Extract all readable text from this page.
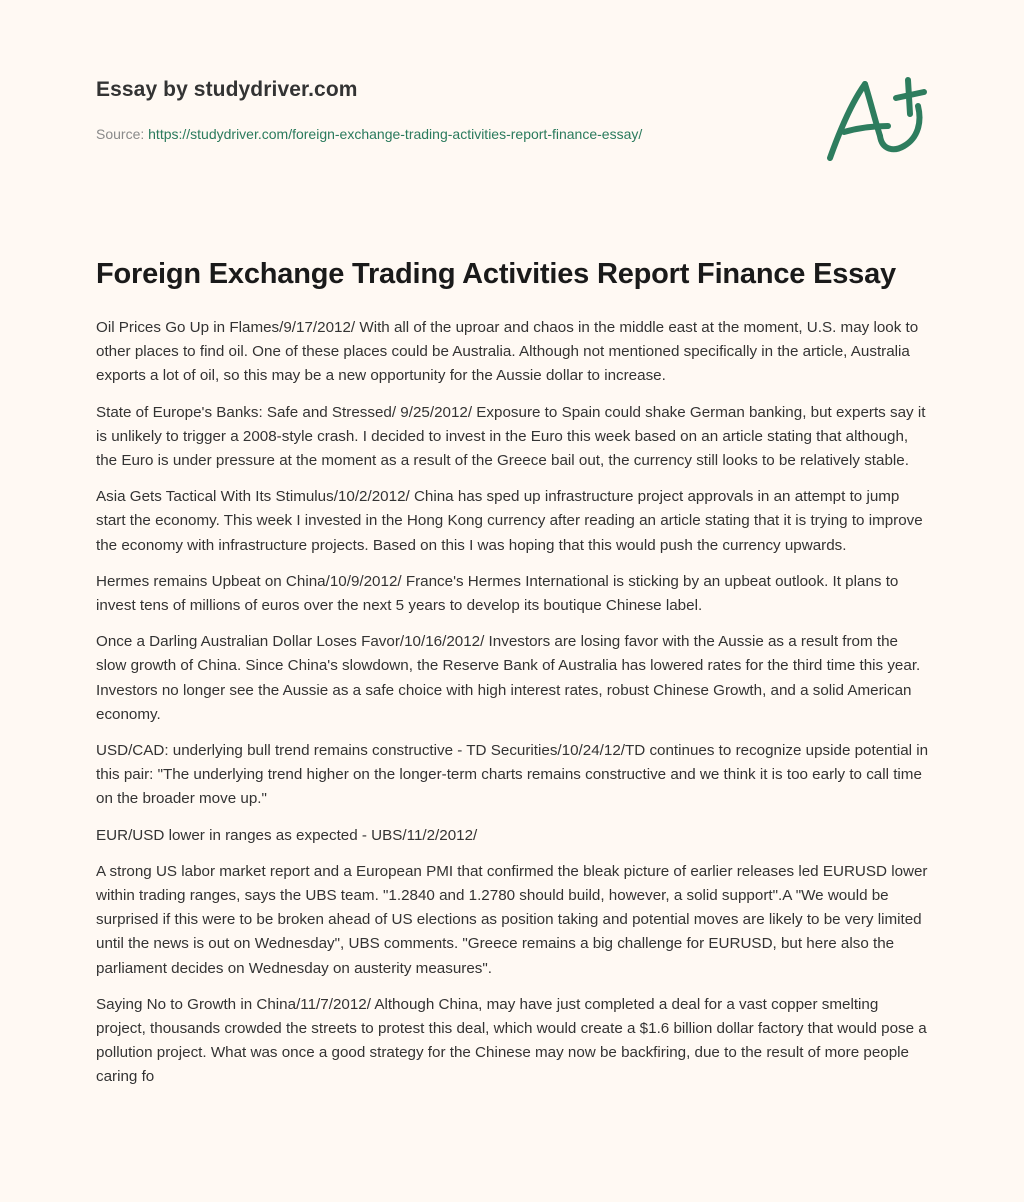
Essay by studydriver.com
Source: https://studydriver.com/foreign-exchange-trading-activities-report-finance-essay/
Foreign Exchange Trading Activities Report Finance Essay

Oil Prices Go Up in Flames/9/17/2012/ With all of the uproar and chaos in the middle east at the moment, U.S. may look to other places to find oil. One of these places could be Australia. Although not mentioned specifically in the article, Australia exports a lot of oil, so this may be a new opportunity for the Aussie dollar to increase.

State of Europe's Banks: Safe and Stressed/ 9/25/2012/ Exposure to Spain could shake German banking, but experts say it is unlikely to trigger a 2008-style crash. I decided to invest in the Euro this week based on an article stating that although, the Euro is under pressure at the moment as a result of the Greece bail out, the currency still looks to be relatively stable.

Asia Gets Tactical With Its Stimulus/10/2/2012/ China has sped up infrastructure project approvals in an attempt to jump start the economy. This week I invested in the Hong Kong currency after reading an article stating that it is trying to improve the economy with infrastructure projects. Based on this I was hoping that this would push the currency upwards.

Hermes remains Upbeat on China/10/9/2012/ France's Hermes International is sticking by an upbeat outlook. It plans to invest tens of millions of euros over the next 5 years to develop its boutique Chinese label.

Once a Darling Australian Dollar Loses Favor/10/16/2012/ Investors are losing favor with the Aussie as a result from the slow growth of China. Since China's slowdown, the Reserve Bank of Australia has lowered rates for the third time this year. Investors no longer see the Aussie as a safe choice with high interest rates, robust Chinese Growth, and a solid American economy.

USD/CAD: underlying bull trend remains constructive - TD Securities/10/24/12/TD continues to recognize upside potential in this pair: "The underlying trend higher on the longer-term charts remains constructive and we think it is too early to call time on the broader move up."

EUR/USD lower in ranges as expected - UBS/11/2/2012/

A strong US labor market report and a European PMI that confirmed the bleak picture of earlier releases led EURUSD lower within trading ranges, says the UBS team. "1.2840 and 1.2780 should build, however, a solid support".A "We would be surprised if this were to be broken ahead of US elections as position taking and potential moves are likely to be very limited until the news is out on Wednesday", UBS comments. "Greece remains a big challenge for EURUSD, but here also the parliament decides on Wednesday on austerity measures".

Saying No to Growth in China/11/7/2012/ Although China, may have just completed a deal for a vast copper smelting project, thousands crowded the streets to protest this deal, which would create a $1.6 billion dollar factory that would pose a pollution project. What was once a good strategy for the Chinese may now be backfiring, due to the result of more people caring fo
